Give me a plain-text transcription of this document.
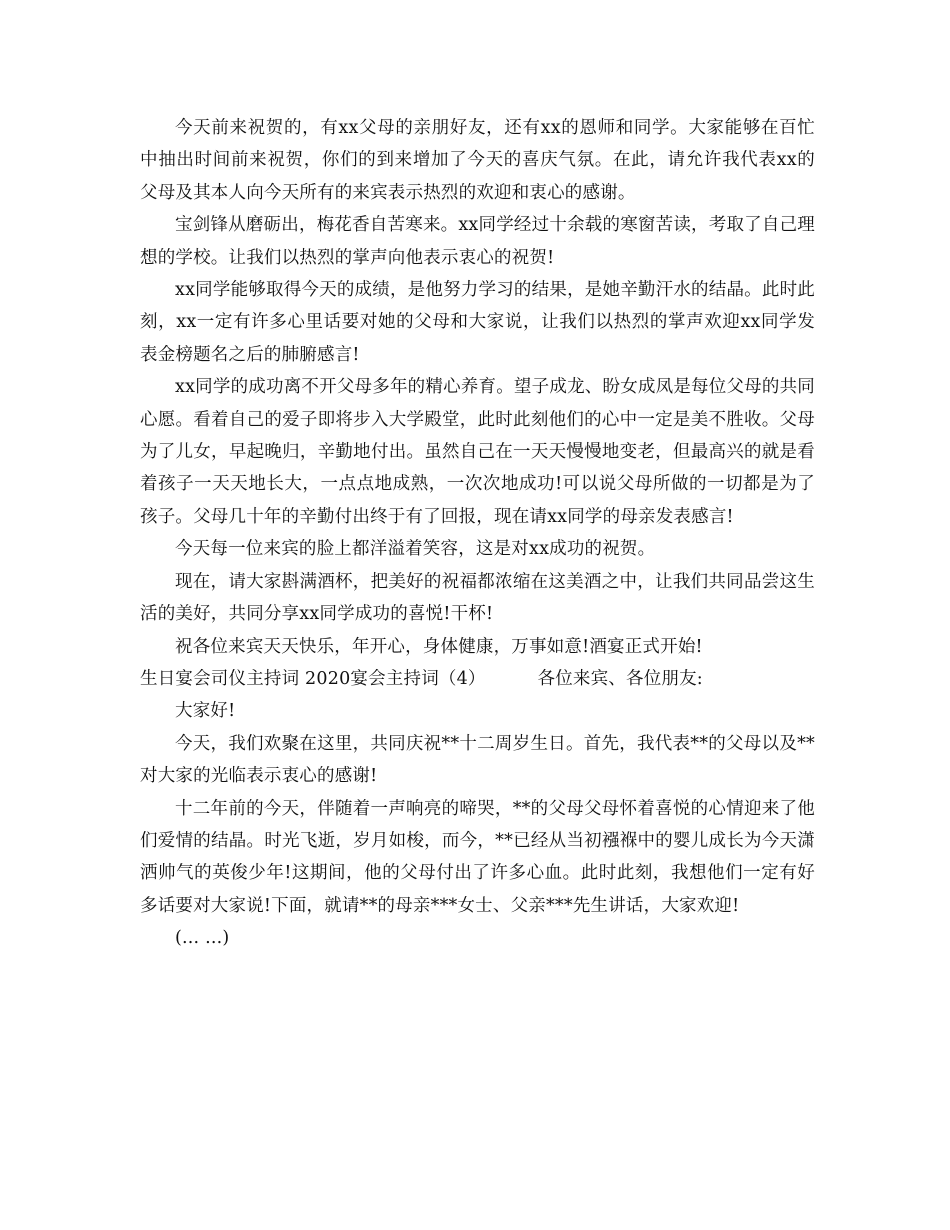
今天前来祝贺的，有xx父母的亲朋好友，还有xx的恩师和同学。大家能够在百忙中抽出时间前来祝贺，你们的到来增加了今天的喜庆气氛。在此，请允许我代表xx的父母及其本人向今天所有的来宾表示热烈的欢迎和衷心的感谢。

宝剑锋从磨砺出，梅花香自苦寒来。xx同学经过十余载的寒窗苦读，考取了自己理想的学校。让我们以热烈的掌声向他表示衷心的祝贺!

xx同学能够取得今天的成绩，是他努力学习的结果，是她辛勤汗水的结晶。此时此刻，xx一定有许多心里话要对她的父母和大家说，让我们以热烈的掌声欢迎xx同学发表金榜题名之后的肺腑感言!

xx同学的成功离不开父母多年的精心养育。望子成龙、盼女成凤是每位父母的共同心愿。看着自己的爱子即将步入大学殿堂，此时此刻他们的心中一定是美不胜收。父母为了儿女，早起晚归，辛勤地付出。虽然自己在一天天慢慢地变老，但最高兴的就是看着孩子一天天地长大，一点点地成熟，一次次地成功!可以说父母所做的一切都是为了孩子。父母几十年的辛勤付出终于有了回报，现在请xx同学的母亲发表感言!

今天每一位来宾的脸上都洋溢着笑容，这是对xx成功的祝贺。

现在，请大家斟满酒杯，把美好的祝福都浓缩在这美酒之中，让我们共同品尝这生活的美好，共同分享xx同学成功的喜悦!干杯!

祝各位来宾天天快乐，年开心，身体健康，万事如意!酒宴正式开始!

生日宴会司仪主持词 2020宴会主持词（4）         各位来宾、各位朋友:

大家好!

今天，我们欢聚在这里，共同庆祝**十二周岁生日。首先，我代表**的父母以及**对大家的光临表示衷心的感谢!

十二年前的今天，伴随着一声响亮的啼哭，**的父母父母怀着喜悦的心情迎来了他们爱情的结晶。时光飞逝，岁月如梭，而今，**已经从当初襁褓中的婴儿成长为今天潇洒帅气的英俊少年!这期间，他的父母付出了许多心血。此时此刻，我想他们一定有好多话要对大家说!下面，就请**的母亲***女士、父亲***先生讲话，大家欢迎!

(... ...)
